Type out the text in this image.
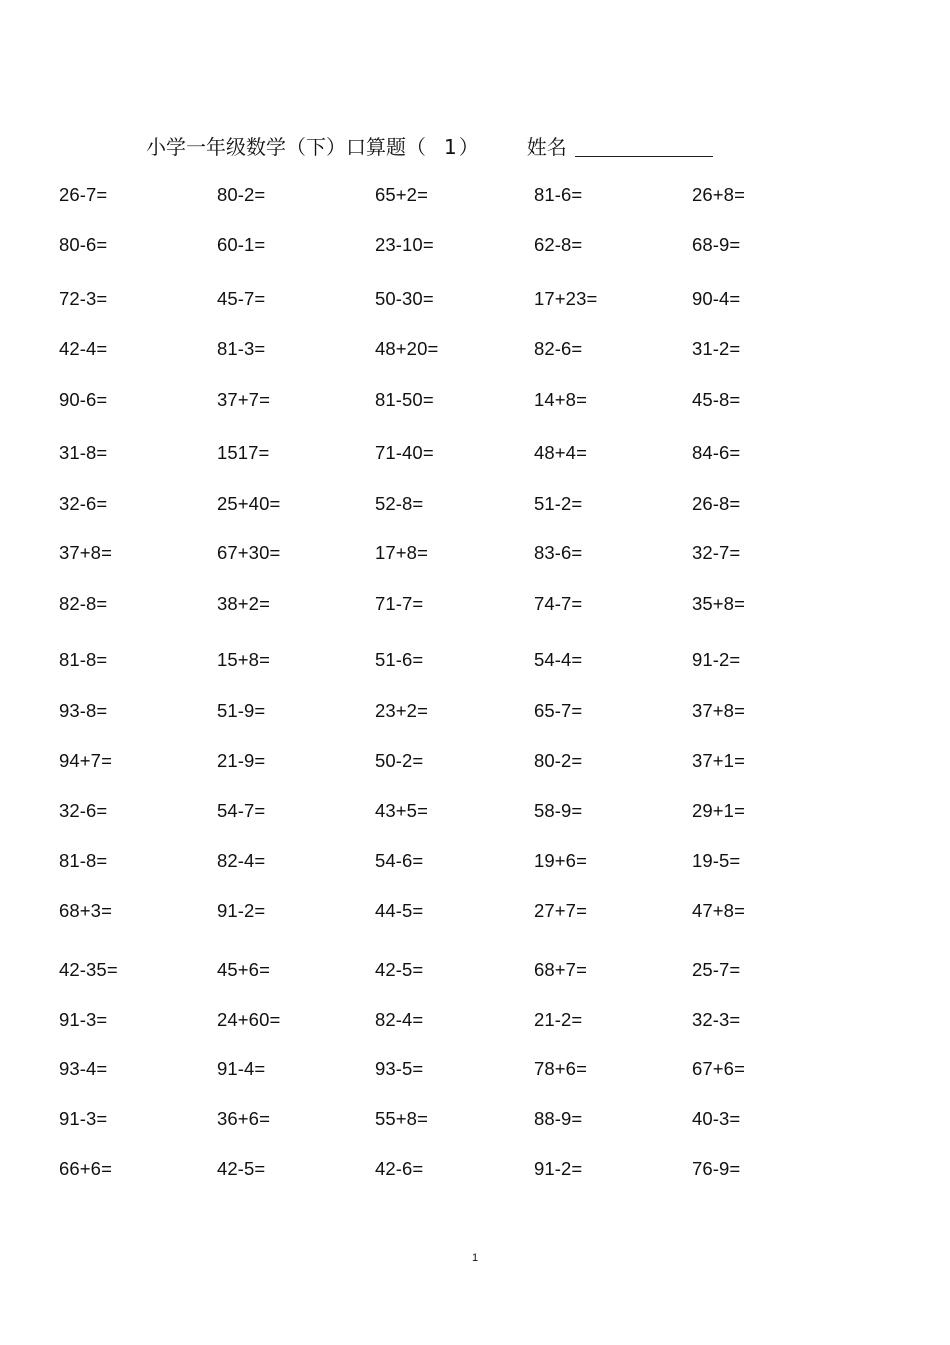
小学一年级数学（下）口算题（ 1 ） 姓名
26-7=	80-2=	65+2=	81-6=	26+8=
80-6=	60-1=	23-10=	62-8=	68-9=
72-3=	45-7=	50-30=	17+23=	90-4=
42-4=	81-3=	48+20=	82-6=	31-2=
90-6=	37+7=	81-50=	14+8=	45-8=
31-8=	1517=	71-40=	48+4=	84-6=
32-6=	25+40=	52-8=	51-2=	26-8=
37+8=	67+30=	17+8=	83-6=	32-7=
82-8=	38+2=	71-7=	74-7=	35+8=
81-8=	15+8=	51-6=	54-4=	91-2=
93-8=	51-9=	23+2=	65-7=	37+8=
94+7=	21-9=	50-2=	80-2=	37+1=
32-6=	54-7=	43+5=	58-9=	29+1=
81-8=	82-4=	54-6=	19+6=	19-5=
68+3=	91-2=	44-5=	27+7=	47+8=
42-35=	45+6=	42-5=	68+7=	25-7=
91-3=	24+60=	82-4=	21-2=	32-3=
93-4=	91-4=	93-5=	78+6=	67+6=
91-3=	36+6=	55+8=	88-9=	40-3=
66+6=	42-5=	42-6=	91-2=	76-9=
1
